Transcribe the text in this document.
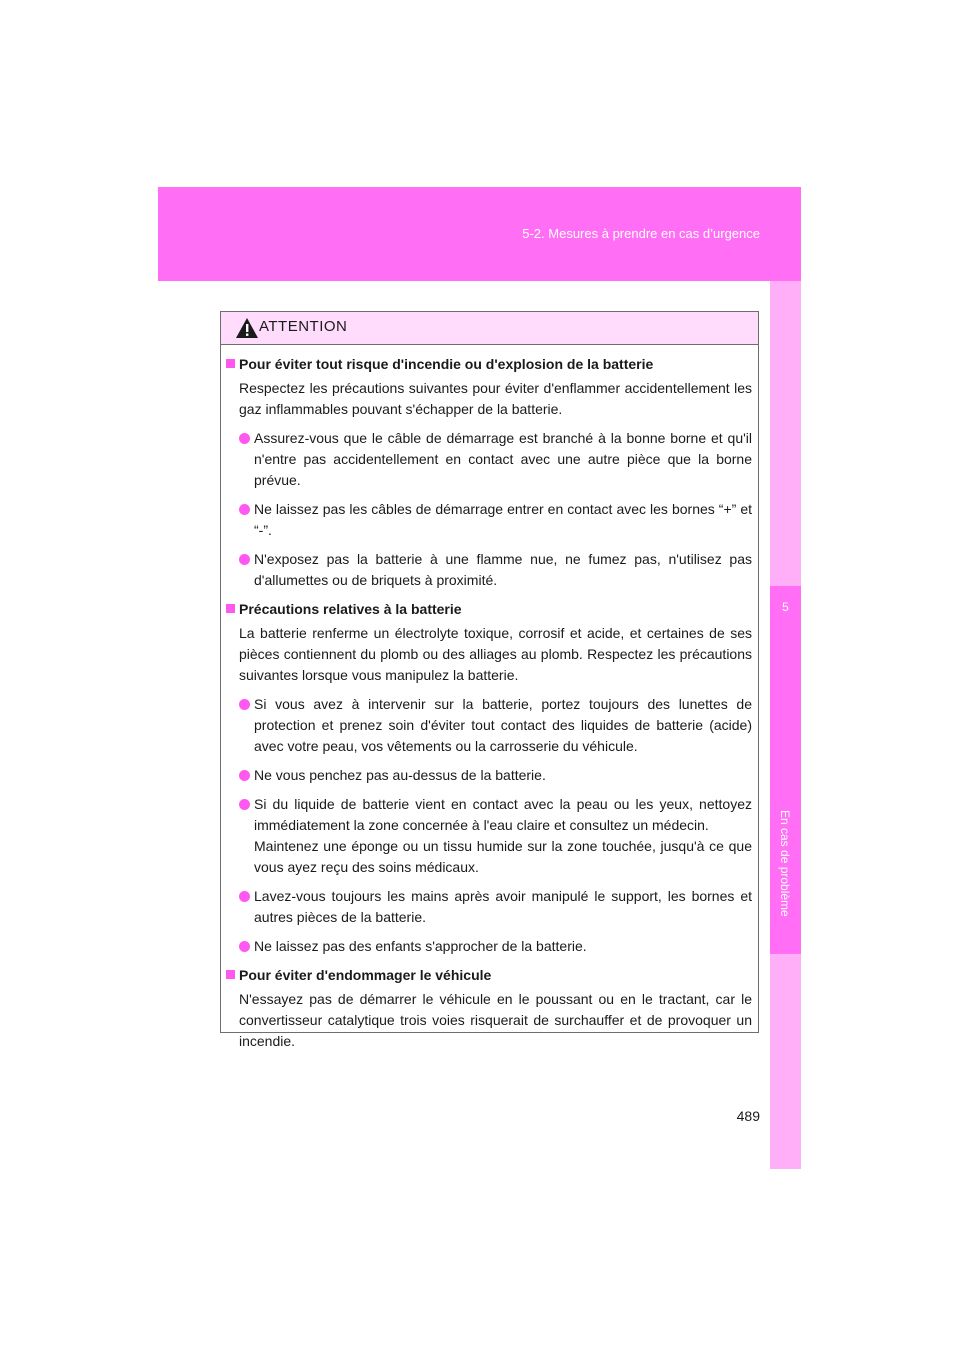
5-2. Mesures à prendre en cas d’urgence
5
En cas de problème
ATTENTION
Pour éviter tout risque d'incendie ou d'explosion de la batterie

Respectez les précautions suivantes pour éviter d'enflammer accidentellement les gaz inflammables pouvant s'échapper de la batterie.

Assurez-vous que le câble de démarrage est branché à la bonne borne et qu'il n'entre pas accidentellement en contact avec une autre pièce que la borne prévue.
Ne laissez pas les câbles de démarrage entrer en contact avec les bornes “+” et “-”.
N'exposez pas la batterie à une flamme nue, ne fumez pas, n'utilisez pas d'allumettes ou de briquets à proximité.
Précautions relatives à la batterie

La batterie renferme un électrolyte toxique, corrosif et acide, et certaines de ses pièces contiennent du plomb ou des alliages au plomb. Respectez les précautions suivantes lorsque vous manipulez la batterie.

Si vous avez à intervenir sur la batterie, portez toujours des lunettes de protection et prenez soin d'éviter tout contact des liquides de batterie (acide) avec votre peau, vos vêtements ou la carrosserie du véhicule.
Ne vous penchez pas au-dessus de la batterie.
Si du liquide de batterie vient en contact avec la peau ou les yeux, nettoyez immédiatement la zone concernée à l'eau claire et consultez un médecin.
Maintenez une éponge ou un tissu humide sur la zone touchée, jusqu'à ce que vous ayez reçu des soins médicaux.
Lavez-vous toujours les mains après avoir manipulé le support, les bornes et autres pièces de la batterie.
Ne laissez pas des enfants s'approcher de la batterie.
Pour éviter d'endommager le véhicule

N'essayez pas de démarrer le véhicule en le poussant ou en le tractant, car le convertisseur catalytique trois voies risquerait de surchauffer et de provoquer un incendie.

489
